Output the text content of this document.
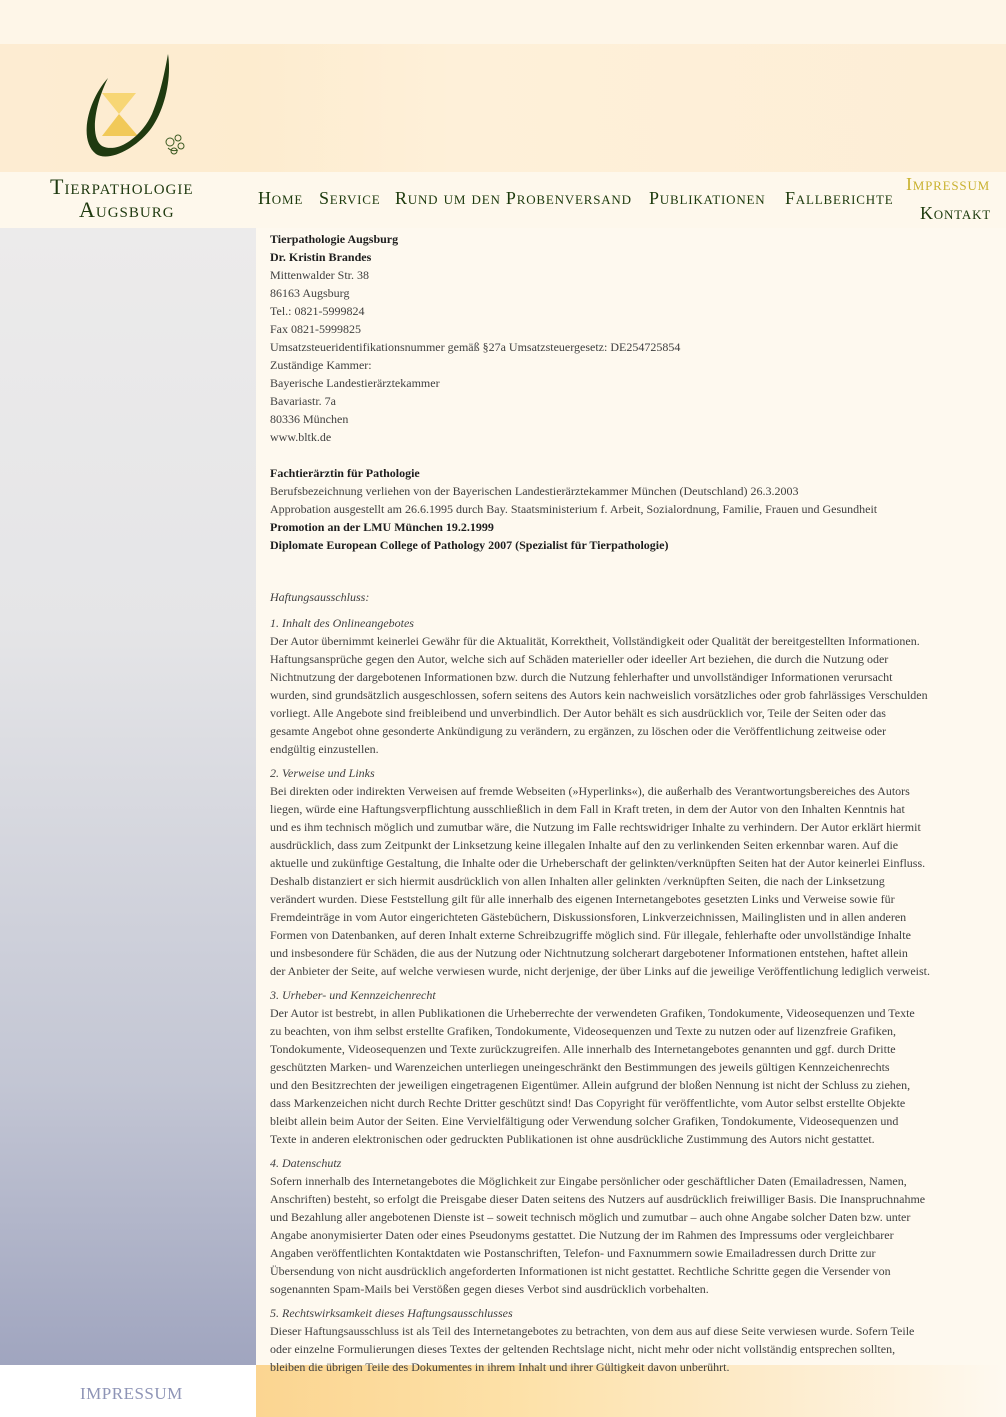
Tierpathologie
Augsburg	Home Service Rund um den Probenversand Publikationen Fallberichte
Impressum
Kontakt
Tierpathologie Augsburg
Dr. Kristin Brandes
Mittenwalder Str. 38
86163 Augsburg
Tel.: 0821-5999824
Fax 0821-5999825
Umsatzsteueridentifikationsnummer gemäß §27a Umsatzsteuergesetz: DE254725854
Zuständige Kammer:
Bayerische Landestierärztekammer
Bavariastr. 7a
80336 München
www.bltk.de
Fachtierärztin für Pathologie
Berufsbezeichnung verliehen von der Bayerischen Landestierärztekammer München (Deutschland) 26.3.2003
Approbation ausgestellt am 26.6.1995 durch Bay. Staatsministerium f. Arbeit, Sozialordnung, Familie, Frauen und Gesundheit
Promotion an der LMU München 19.2.1999
Diplomate European College of Pathology 2007 (Spezialist für Tierpathologie)
Haftungsausschluss:
1. Inhalt des Onlineangebotes
Der Autor übernimmt keinerlei Gewähr für die Aktualität, Korrektheit, Vollständigkeit oder Qualität der bereitgestellten Informationen.
Haftungsansprüche gegen den Autor, welche sich auf Schäden materieller oder ideeller Art beziehen, die durch die Nutzung oder
Nichtnutzung der dargebotenen Informationen bzw. durch die Nutzung fehlerhafter und unvollständiger Informationen verursacht
wurden, sind grundsätzlich ausgeschlossen, sofern seitens des Autors kein nachweislich vorsätzliches oder grob fahrlässiges Verschulden
vorliegt. Alle Angebote sind freibleibend und unverbindlich. Der Autor behält es sich ausdrücklich vor, Teile der Seiten oder das
gesamte Angebot ohne gesonderte Ankündigung zu verändern, zu ergänzen, zu löschen oder die Veröffentlichung zeitweise oder
endgültig einzustellen.
2. Verweise und Links
Bei direkten oder indirekten Verweisen auf fremde Webseiten (»Hyperlinks«), die außerhalb des Verantwortungsbereiches des Autors
liegen, würde eine Haftungsverpflichtung ausschließlich in dem Fall in Kraft treten, in dem der Autor von den Inhalten Kenntnis hat
und es ihm technisch möglich und zumutbar wäre, die Nutzung im Falle rechtswidriger Inhalte zu verhindern. Der Autor erklärt hiermit
ausdrücklich, dass zum Zeitpunkt der Linksetzung keine illegalen Inhalte auf den zu verlinkenden Seiten erkennbar waren. Auf die
aktuelle und zukünftige Gestaltung, die Inhalte oder die Urheberschaft der gelinkten/verknüpften Seiten hat der Autor keinerlei Einfluss.
Deshalb distanziert er sich hiermit ausdrücklich von allen Inhalten aller gelinkten /verknüpften Seiten, die nach der Linksetzung
verändert wurden. Diese Feststellung gilt für alle innerhalb des eigenen Internetangebotes gesetzten Links und Verweise sowie für
Fremdeinträge in vom Autor eingerichteten Gästebüchern, Diskussionsforen, Linkverzeichnissen, Mailinglisten und in allen anderen
Formen von Datenbanken, auf deren Inhalt externe Schreibzugriffe möglich sind. Für illegale, fehlerhafte oder unvollständige Inhalte
und insbesondere für Schäden, die aus der Nutzung oder Nichtnutzung solcherart dargebotener Informationen entstehen, haftet allein
der Anbieter der Seite, auf welche verwiesen wurde, nicht derjenige, der über Links auf die jeweilige Veröffentlichung lediglich verweist.
3. Urheber- und Kennzeichenrecht
Der Autor ist bestrebt, in allen Publikationen die Urheberrechte der verwendeten Grafiken, Tondokumente, Videosequenzen und Texte
zu beachten, von ihm selbst erstellte Grafiken, Tondokumente, Videosequenzen und Texte zu nutzen oder auf lizenzfreie Grafiken,
Tondokumente, Videosequenzen und Texte zurückzugreifen. Alle innerhalb des Internetangebotes genannten und ggf. durch Dritte
geschützten Marken- und Warenzeichen unterliegen uneingeschränkt den Bestimmungen des jeweils gültigen Kennzeichenrechts
und den Besitzrechten der jeweiligen eingetragenen Eigentümer. Allein aufgrund der bloßen Nennung ist nicht der Schluss zu ziehen,
dass Markenzeichen nicht durch Rechte Dritter geschützt sind! Das Copyright für veröffentlichte, vom Autor selbst erstellte Objekte
bleibt allein beim Autor der Seiten. Eine Vervielfältigung oder Verwendung solcher Grafiken, Tondokumente, Videosequenzen und
Texte in anderen elektronischen oder gedruckten Publikationen ist ohne ausdrückliche Zustimmung des Autors nicht gestattet.
4. Datenschutz
Sofern innerhalb des Internetangebotes die Möglichkeit zur Eingabe persönlicher oder geschäftlicher Daten (Emailadressen, Namen,
Anschriften) besteht, so erfolgt die Preisgabe dieser Daten seitens des Nutzers auf ausdrücklich freiwilliger Basis. Die Inanspruchnahme
und Bezahlung aller angebotenen Dienste ist – soweit technisch möglich und zumutbar – auch ohne Angabe solcher Daten bzw. unter
Angabe anonymisierter Daten oder eines Pseudonyms gestattet. Die Nutzung der im Rahmen des Impressums oder vergleichbarer
Angaben veröffentlichten Kontaktdaten wie Postanschriften, Telefon- und Faxnummern sowie Emailadressen durch Dritte zur
Übersendung von nicht ausdrücklich angeforderten Informationen ist nicht gestattet. Rechtliche Schritte gegen die Versender von
sogenannten Spam-Mails bei Verstößen gegen dieses Verbot sind ausdrücklich vorbehalten.
5. Rechtswirksamkeit dieses Haftungsausschlusses
Dieser Haftungsausschluss ist als Teil des Internetangebotes zu betrachten, von dem aus auf diese Seite verwiesen wurde. Sofern Teile
oder einzelne Formulierungen dieses Textes der geltenden Rechtslage nicht, nicht mehr oder nicht vollständig entsprechen sollten,
bleiben die übrigen Teile des Dokumentes in ihrem Inhalt und ihrer Gültigkeit davon unberührt.
IMPRESSUM
